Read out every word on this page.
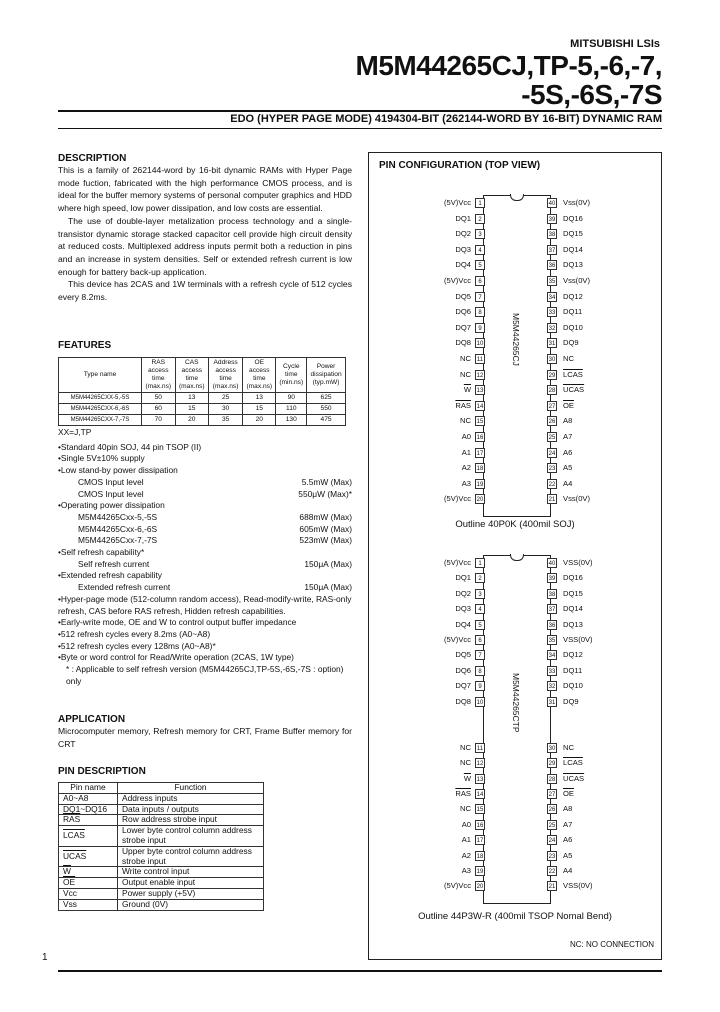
MITSUBISHI LSIs
M5M44265CJ,TP-5,-6,-7,
-5S,-6S,-7S
EDO (HYPER PAGE MODE) 4194304-BIT (262144-WORD BY 16-BIT) DYNAMIC RAM
DESCRIPTION

This is a family of 262144-word by 16-bit dynamic RAMs with Hyper Page mode fuction, fabricated with the high performance CMOS process, and is ideal for the buffer memory systems of personal computer graphics and HDD where high speed, low power dissipation, and low costs are essential.

The use of double-layer metalization process technology and a single-transistor dynamic storage stacked capacitor cell provide high circuit density at reduced costs. Multiplexed address inputs permit both a reduction in pins and an increase in system densities. Self or extended refresh current is low enough for battery back-up application.

This device has 2CAS and 1W terminals with a refresh cycle of 512 cycles every 8.2ms.

FEATURES
Type name	RAS access time (max.ns)	CAS access time (max.ns)	Address access time (max.ns)	OE access time (max.ns)	Cycle time (min.ns)	Power dissipation (typ.mW)
M5M44265CXX-5,-5S	50	13	25	13	90	625
M5M44265CXX-6,-6S	60	15	30	15	110	550
M5M44265CXX-7,-7S	70	20	35	20	130	475
XX=J,TP
•Standard 40pin SOJ, 44 pin TSOP (II)
•Single 5V±10% supply
•Low stand-by power dissipation
CMOS Input level	5.5mW (Max)
CMOS Input level	550μW (Max)*
•Operating power dissipation
M5M44265Cxx-5,-5S	688mW (Max)
M5M44265Cxx-6,-6S	605mW (Max)
M5M44265Cxx-7,-7S	523mW (Max)
•Self refresh capability*
Self refresh current	150μA (Max)
•Extended refresh capability
Extended refresh current	150μA (Max)
•Hyper-page mode (512-column random access), Read-modify-write, RAS-only refresh, CAS before RAS refresh, Hidden refresh capabilities.
•Early-write mode, OE and W to control output buffer impedance
•512 refresh cycles every 8.2ms (A0~A8)
•512 refresh cycles every 128ms (A0~A8)*
•Byte or word control for Read/Write operation (2CAS, 1W type)
* : Applicable to self refresh version (M5M44265CJ,TP-5S,-6S,-7S : option) only
APPLICATION

Microcomputer memory, Refresh memory for CRT, Frame Buffer memory for CRT

PIN DESCRIPTION
Pin name	Function
A0~A8	Address inputs
DQ1~DQ16	Data inputs / outputs
$\overline{RAS}$	Row address strobe input
LCAS	Lower byte control column address strobe input
UCAS	Upper byte control column address strobe input
$\overline{W}$	Write control input
$\overline{OE}$	Output enable input
Vcc	Power supply (+5V)
Vss	Ground (0V)
PIN CONFIGURATION (TOP VIEW)
M5M44265CJ
1
(5V)Vcc	40 Vss(0V)
2
DQ1	39 DQ16
3
DQ2	38 DQ15
4
DQ3	37 DQ14
5
DQ4	36 DQ13
6
(5V)Vcc	35 Vss(0V)
7
DQ5	34 DQ12
8
DQ6	33 DQ11
9
DQ7	32 DQ10
10
DQ8	31 DQ9
11
NC	30 NC
12
NC	29 LCAS
13
$\overline{W}$	28 UCAS
14
$\overline{RAS}$	27 $\overline{OE}$
15
NC	26 A8
16
A0	25 A7
17
A1	24 A6
18
A2	23 A5
19
A3	22 A4
20
(5V)Vcc	21 Vss(0V)
M5M44265CTP
1
(5V)Vcc	40 VSS(0V)
2
DQ1	39 DQ16
3
DQ2	38 DQ15
4
DQ3	37 DQ14
5
DQ4	36 DQ13
6
(5V)Vcc	35 VSS(0V)
7
DQ5	34 DQ12
8
DQ6	33 DQ11
9
DQ7	32 DQ10
10
DQ8	31 DQ9
11
NC	30 NC
12
NC	29 LCAS
13
$\overline{W}$	28 UCAS
14
$\overline{RAS}$	27 $\overline{OE}$
15
NC	26 A8
16
A0	25 A7
17
A1	24 A6
18
A2	23 A5
19
A3	22 A4
20
(5V)Vcc	21 VSS(0V)
Outline 40P0K (400mil SOJ)
Outline 44P3W-R (400mil TSOP Nomal Bend)
NC: NO CONNECTION
1
